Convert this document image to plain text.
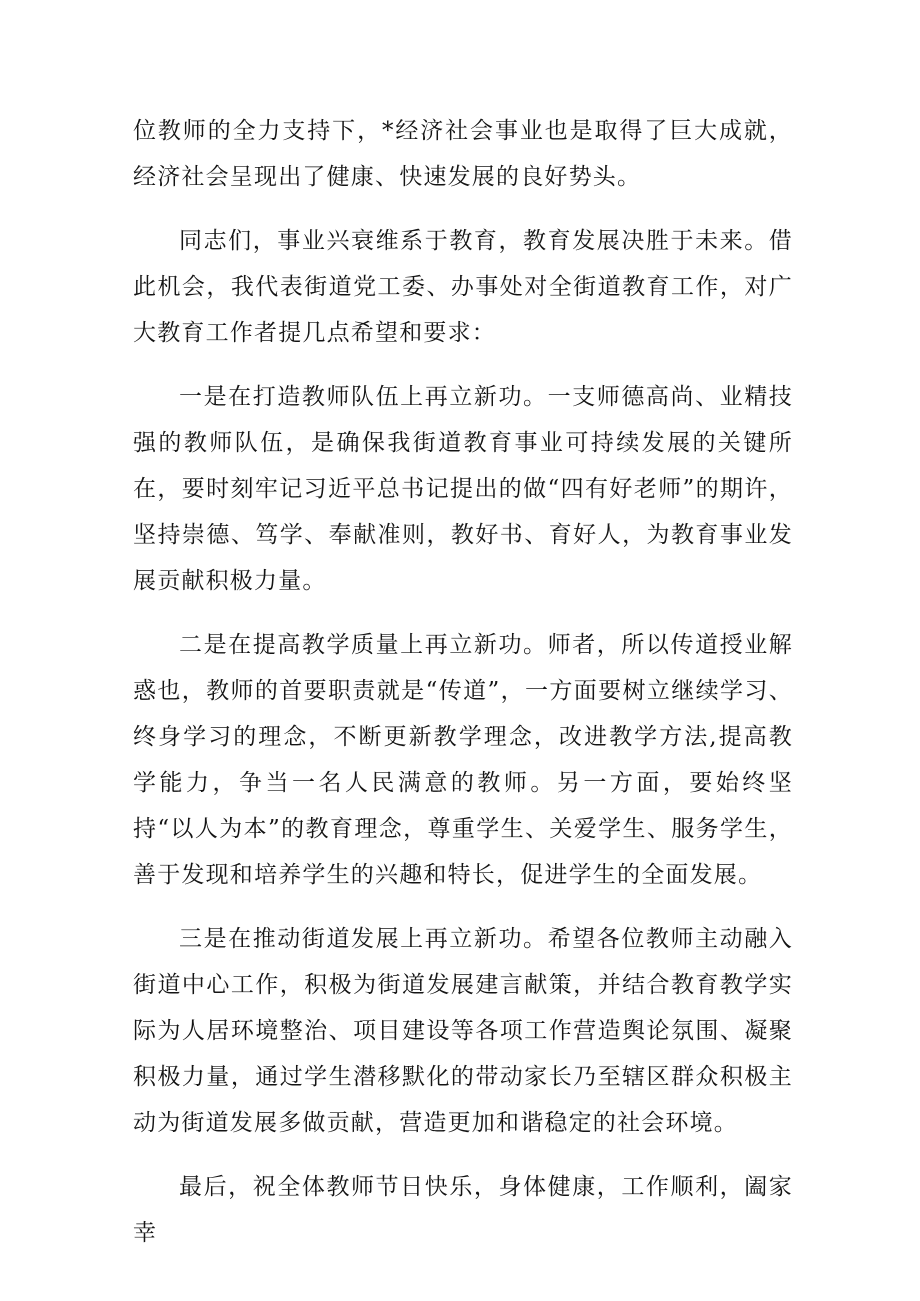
位教师的全力支持下，*经济社会事业也是取得了巨大成就，经济社会呈现出了健康、快速发展的良好势头。

同志们，事业兴衰维系于教育，教育发展决胜于未来。借此机会，我代表街道党工委、办事处对全街道教育工作，对广大教育工作者提几点希望和要求：

一是在打造教师队伍上再立新功。一支师德高尚、业精技强的教师队伍，是确保我街道教育事业可持续发展的关键所在，要时刻牢记习近平总书记提出的做“四有好老师”的期许，坚持崇德、笃学、奉献准则，教好书、育好人，为教育事业发展贡献积极力量。

二是在提高教学质量上再立新功。师者，所以传道授业解惑也，教师的首要职责就是“传道”，一方面要树立继续学习、终身学习的理念，不断更新教学理念，改进教学方法,提高教学能力，争当一名人民满意的教师。另一方面，要始终坚持“以人为本”的教育理念，尊重学生、关爱学生、服务学生，善于发现和培养学生的兴趣和特长，促进学生的全面发展。

三是在推动街道发展上再立新功。希望各位教师主动融入街道中心工作，积极为街道发展建言献策，并结合教育教学实际为人居环境整治、项目建设等各项工作营造舆论氛围、凝聚积极力量，通过学生潜移默化的带动家长乃至辖区群众积极主动为街道发展多做贡献，营造更加和谐稳定的社会环境。

最后，祝全体教师节日快乐，身体健康，工作顺利，阖家幸
